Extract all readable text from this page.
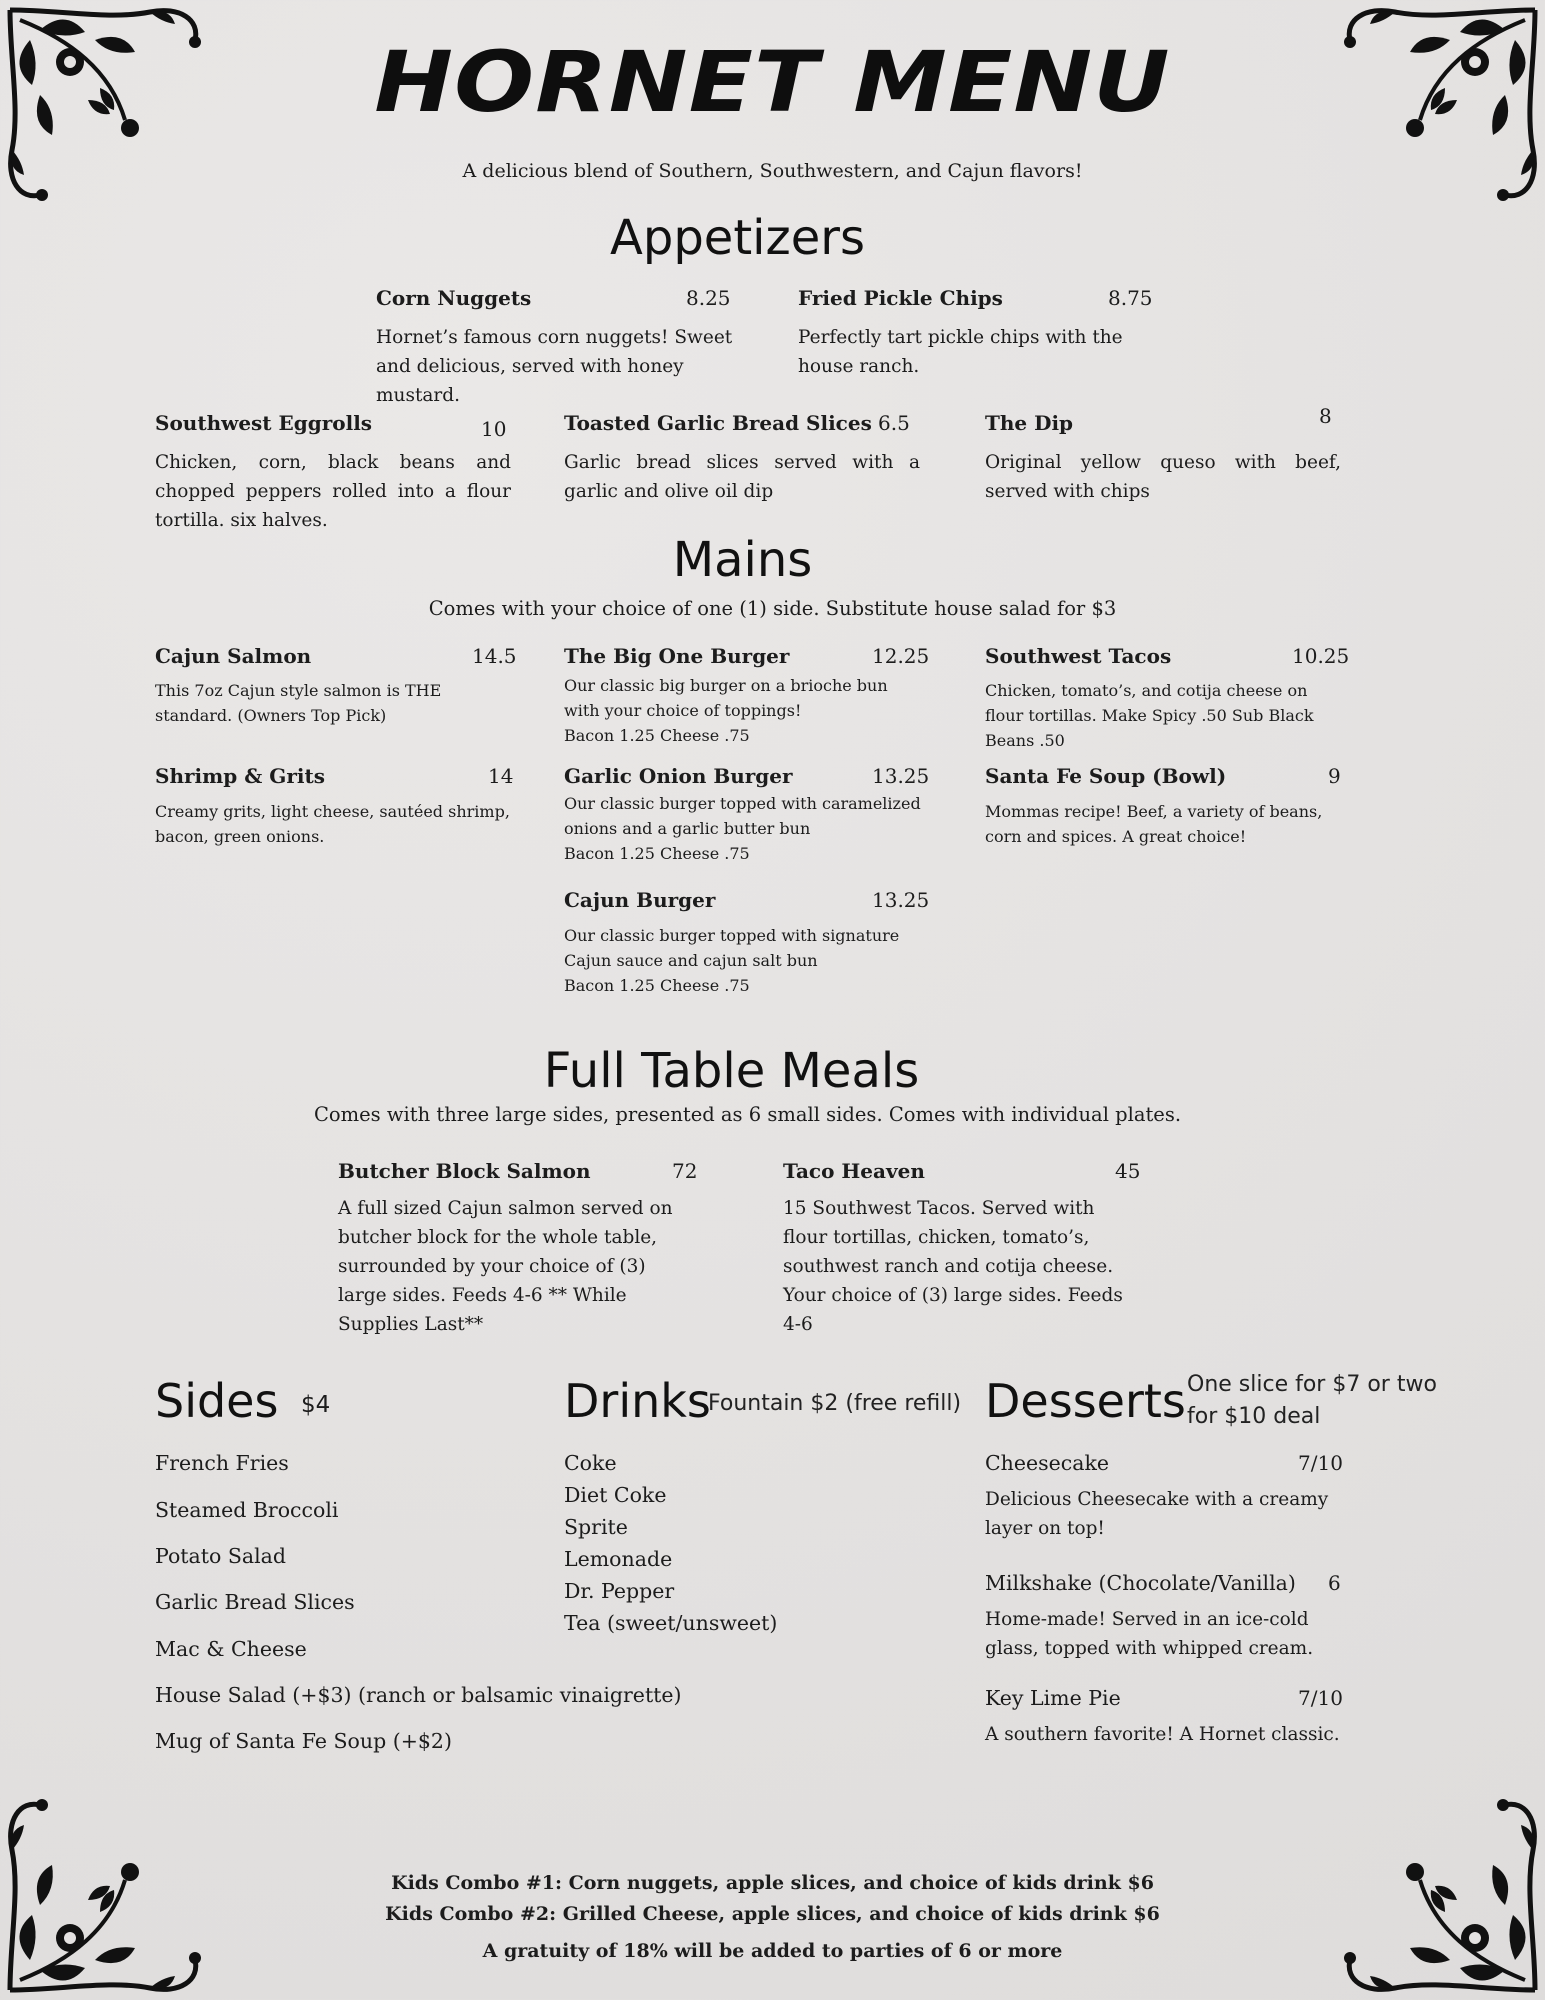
HORNET MENU
A delicious blend of Southern, Southwestern, and Cajun flavors!
Appetizers
Corn Nuggets	8.25
Hornet’s famous corn nuggets! Sweet and delicious, served with honey mustard.
Fried Pickle Chips	8.75
Perfectly tart pickle chips with the house ranch.
Southwest Eggrolls	10
Chicken, corn, black beans and chopped peppers rolled into a flour tortilla. six halves.
Toasted Garlic Bread Slices 6.5
Garlic bread slices served with a garlic and olive oil dip
The Dip	8
Original yellow queso with beef, served with chips
Mains
Comes with your choice of one (1) side. Substitute house salad for $3
Cajun Salmon	14.5
This 7oz Cajun style salmon is THE standard. (Owners Top Pick)
The Big One Burger	12.25
Our classic big burger on a brioche bun with your choice of toppings!
Bacon 1.25 Cheese .75
Southwest Tacos	10.25
Chicken, tomato’s, and cotija cheese on flour tortillas. Make Spicy .50 Sub Black Beans .50
Shrimp & Grits	14
Creamy grits, light cheese, sautéed shrimp, bacon, green onions.
Garlic Onion Burger	13.25
Our classic burger topped with caramelized onions and a garlic butter bun
Bacon 1.25 Cheese .75
Santa Fe Soup (Bowl)	9
Mommas recipe! Beef, a variety of beans, corn and spices. A great choice!
Cajun Burger	13.25
Our classic burger topped with signature Cajun sauce and cajun salt bun
Bacon 1.25 Cheese .75
Full Table Meals
Comes with three large sides, presented as 6 small sides. Comes with individual plates.
Butcher Block Salmon	72
A full sized Cajun salmon served on butcher block for the whole table, surrounded by your choice of (3) large sides. Feeds 4-6 ** While Supplies Last**
Taco Heaven	45
15 Southwest Tacos. Served with flour tortillas, chicken, tomato’s, southwest ranch and cotija cheese. Your choice of (3) large sides. Feeds 4-6
Sides $4
French Fries
Steamed Broccoli
Potato Salad
Garlic Bread Slices
Mac & Cheese
House Salad (+$3) (ranch or balsamic vinaigrette)
Mug of Santa Fe Soup (+$2)
Drinks
Fountain $2 (free refill)
Coke
Diet Coke
Sprite
Lemonade
Dr. Pepper
Tea (sweet/unsweet)
Desserts One slice for $7 or two for $10 deal
Cheesecake	7/10
Delicious Cheesecake with a creamy layer on top!
Milkshake (Chocolate/Vanilla) 6
Home-made! Served in an ice-cold glass, topped with whipped cream.
Key Lime Pie	7/10
A southern favorite! A Hornet classic.
Kids Combo #1: Corn nuggets, apple slices, and choice of kids drink $6
Kids Combo #2: Grilled Cheese, apple slices, and choice of kids drink $6
A gratuity of 18% will be added to parties of 6 or more
